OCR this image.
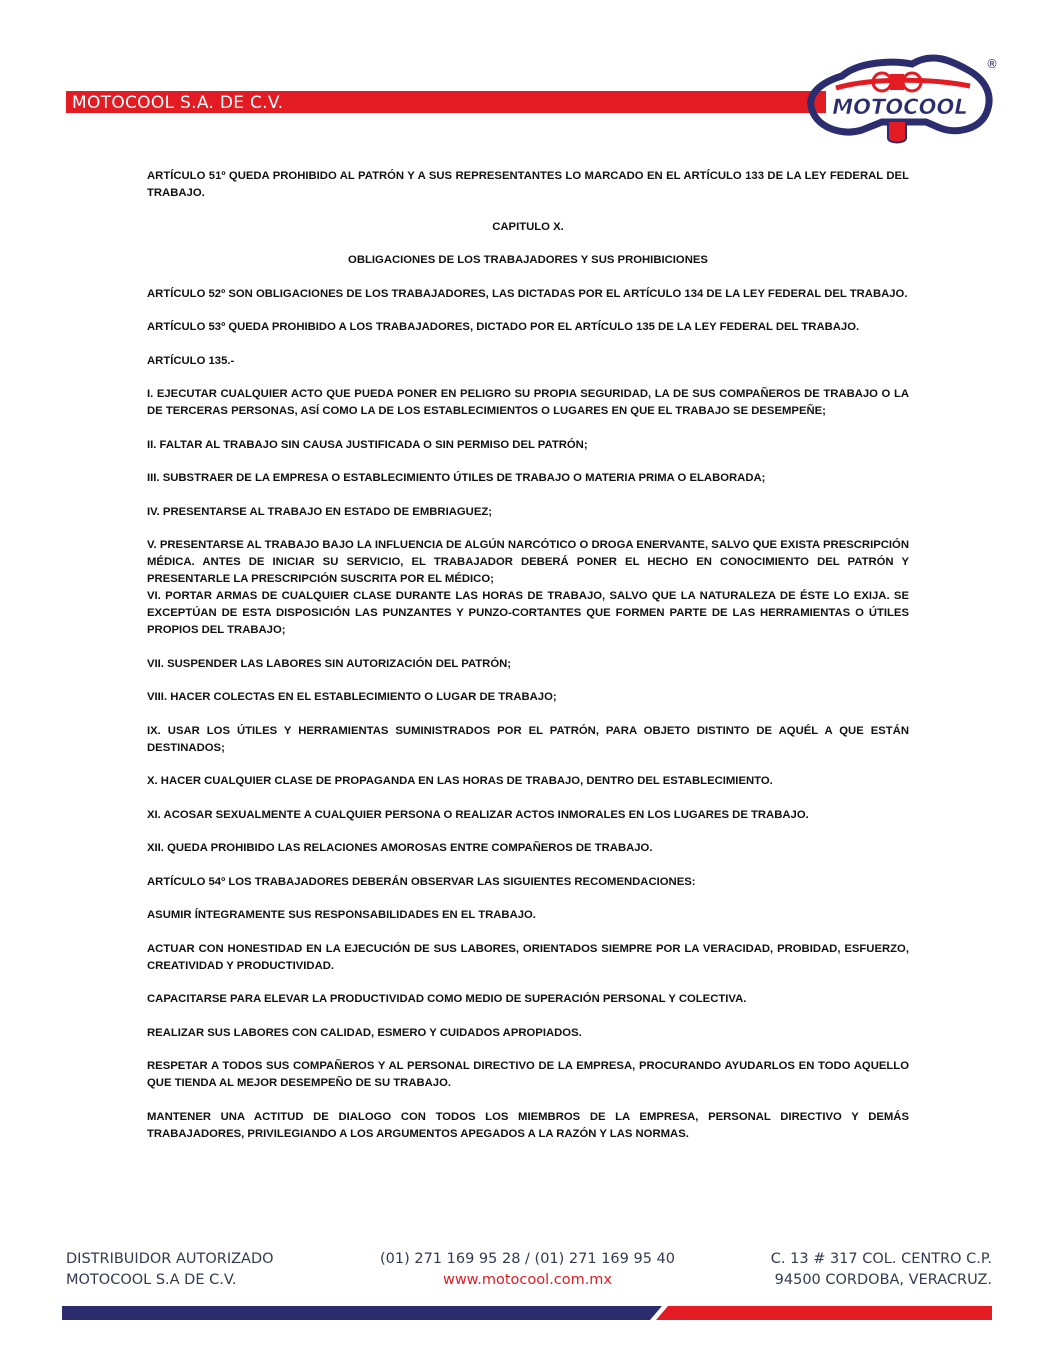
MOTOCOOL S.A. DE C.V.	MOTOCOOL
®

ARTÍCULO 51º QUEDA PROHIBIDO AL PATRÓN Y A SUS REPRESENTANTES LO MARCADO EN EL ARTÍCULO 133 DE LA LEY FEDERAL DEL TRABAJO.

CAPITULO X.

OBLIGACIONES DE LOS TRABAJADORES Y SUS PROHIBICIONES

ARTÍCULO 52º SON OBLIGACIONES DE LOS TRABAJADORES, LAS DICTADAS POR EL ARTÍCULO 134 DE LA LEY FEDERAL DEL TRABAJO.

ARTÍCULO 53º QUEDA PROHIBIDO A LOS TRABAJADORES, DICTADO POR EL ARTÍCULO 135 DE LA LEY FEDERAL DEL TRABAJO.

ARTÍCULO 135.-

I. EJECUTAR CUALQUIER ACTO QUE PUEDA PONER EN PELIGRO SU PROPIA SEGURIDAD, LA DE SUS COMPAÑEROS DE TRABAJO O LA DE TERCERAS PERSONAS, ASÍ COMO LA DE LOS ESTABLECIMIENTOS O LUGARES EN QUE EL TRABAJO SE DESEMPEÑE;

II. FALTAR AL TRABAJO SIN CAUSA JUSTIFICADA O SIN PERMISO DEL PATRÓN;

III. SUBSTRAER DE LA EMPRESA O ESTABLECIMIENTO ÚTILES DE TRABAJO O MATERIA PRIMA O ELABORADA;

IV. PRESENTARSE AL TRABAJO EN ESTADO DE EMBRIAGUEZ;

V. PRESENTARSE AL TRABAJO BAJO LA INFLUENCIA DE ALGÚN NARCÓTICO O DROGA ENERVANTE, SALVO QUE EXISTA PRESCRIPCIÓN MÉDICA. ANTES DE INICIAR SU SERVICIO, EL TRABAJADOR DEBERÁ PONER EL HECHO EN CONOCIMIENTO DEL PATRÓN Y PRESENTARLE LA PRESCRIPCIÓN SUSCRITA POR EL MÉDICO;

VI. PORTAR ARMAS DE CUALQUIER CLASE DURANTE LAS HORAS DE TRABAJO, SALVO QUE LA NATURALEZA DE ÉSTE LO EXIJA. SE EXCEPTÚAN DE ESTA DISPOSICIÓN LAS PUNZANTES Y PUNZO-CORTANTES QUE FORMEN PARTE DE LAS HERRAMIENTAS O ÚTILES PROPIOS DEL TRABAJO;

VII. SUSPENDER LAS LABORES SIN AUTORIZACIÓN DEL PATRÓN;

VIII. HACER COLECTAS EN EL ESTABLECIMIENTO O LUGAR DE TRABAJO;

IX. USAR LOS ÚTILES Y HERRAMIENTAS SUMINISTRADOS POR EL PATRÓN, PARA OBJETO DISTINTO DE AQUÉL A QUE ESTÁN DESTINADOS;

X. HACER CUALQUIER CLASE DE PROPAGANDA EN LAS HORAS DE TRABAJO, DENTRO DEL ESTABLECIMIENTO.

XI. ACOSAR SEXUALMENTE A CUALQUIER PERSONA O REALIZAR ACTOS INMORALES EN LOS LUGARES DE TRABAJO.

XII. QUEDA PROHIBIDO LAS RELACIONES AMOROSAS ENTRE COMPAÑEROS DE TRABAJO.

ARTÍCULO 54º LOS TRABAJADORES DEBERÁN OBSERVAR LAS SIGUIENTES RECOMENDACIONES:

ASUMIR ÍNTEGRAMENTE SUS RESPONSABILIDADES EN EL TRABAJO.

ACTUAR CON HONESTIDAD EN LA EJECUCIÓN DE SUS LABORES, ORIENTADOS SIEMPRE POR LA VERACIDAD, PROBIDAD, ESFUERZO, CREATIVIDAD Y PRODUCTIVIDAD.

CAPACITARSE PARA ELEVAR LA PRODUCTIVIDAD COMO MEDIO DE SUPERACIÓN PERSONAL Y COLECTIVA.

REALIZAR SUS LABORES CON CALIDAD, ESMERO Y CUIDADOS APROPIADOS.

RESPETAR A TODOS SUS COMPAÑEROS Y AL PERSONAL DIRECTIVO DE LA EMPRESA, PROCURANDO AYUDARLOS EN TODO AQUELLO QUE TIENDA AL MEJOR DESEMPEÑO DE SU TRABAJO.

MANTENER UNA ACTITUD DE DIALOGO CON TODOS LOS MIEMBROS DE LA EMPRESA, PERSONAL DIRECTIVO Y DEMÁS TRABAJADORES, PRIVILEGIANDO A LOS ARGUMENTOS APEGADOS A LA RAZÓN Y LAS NORMAS.

DISTRIBUIDOR AUTORIZADO
MOTOCOOL S.A DE C.V.
(01) 271 169 95 28 / (01) 271 169 95 40
www.motocool.com.mx
C. 13 # 317 COL. CENTRO C.P.
94500 CORDOBA, VERACRUZ.
